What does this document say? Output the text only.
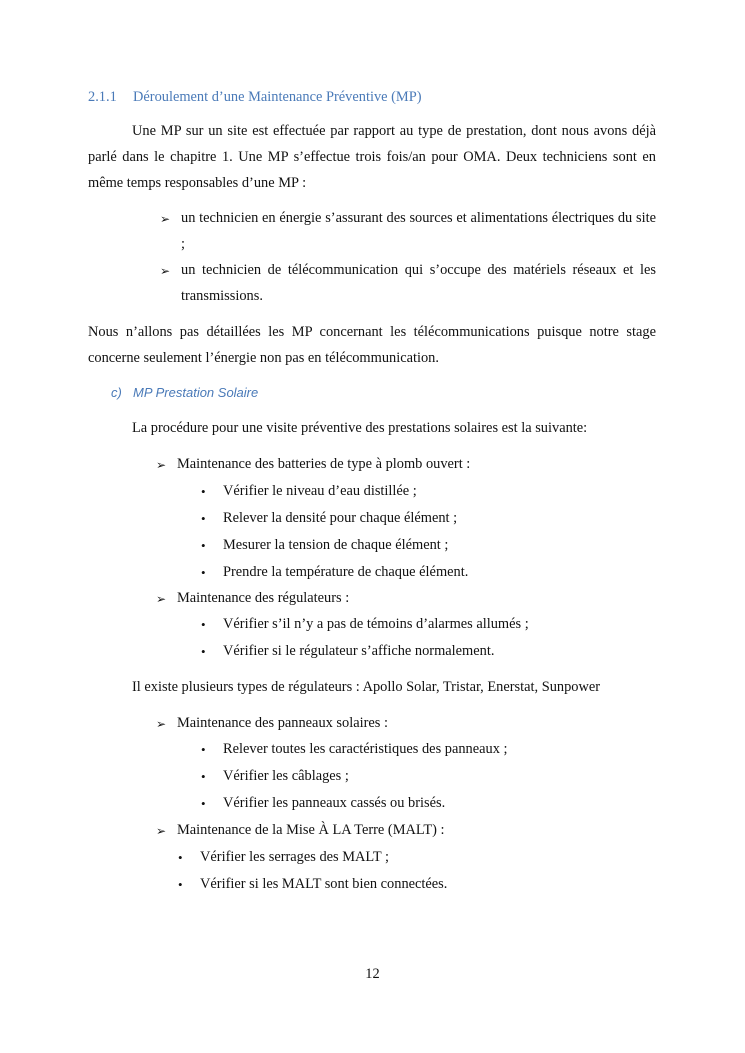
2.1.1 Déroulement d’une Maintenance Préventive (MP)
Une MP sur un site est effectuée par rapport au type de prestation, dont nous avons déjà parlé dans le chapitre 1. Une MP s’effectue trois fois/an pour OMA. Deux techniciens sont en même temps responsables d’une MP :
➢ un technicien en énergie s’assurant des sources et alimentations électriques du site ;
➢ un technicien de télécommunication qui s’occupe des matériels réseaux et les transmissions.
Nous n’allons pas détaillées les MP concernant les télécommunications puisque notre stage concerne seulement l’énergie non pas en télécommunication.
c) MP Prestation Solaire
La procédure pour une visite préventive des prestations solaires est la suivante:
➢ Maintenance des batteries de type à plomb ouvert :
• Vérifier le niveau d’eau distillée ;
• Relever la densité pour chaque élément ;
• Mesurer la tension de chaque élément ;
• Prendre la température de chaque élément.
➢ Maintenance des régulateurs :
• Vérifier s’il n’y a pas de témoins d’alarmes allumés ;
• Vérifier si le régulateur s’affiche normalement.
Il existe plusieurs types de régulateurs : Apollo Solar, Tristar, Enerstat, Sunpower
➢ Maintenance des panneaux solaires :
• Relever toutes les caractéristiques des panneaux ;
• Vérifier les câblages ;
• Vérifier les panneaux cassés ou brisés.
➢ Maintenance de la Mise À LA Terre (MALT) :
• Vérifier les serrages des MALT ;
• Vérifier si les MALT sont bien connectées.
12
